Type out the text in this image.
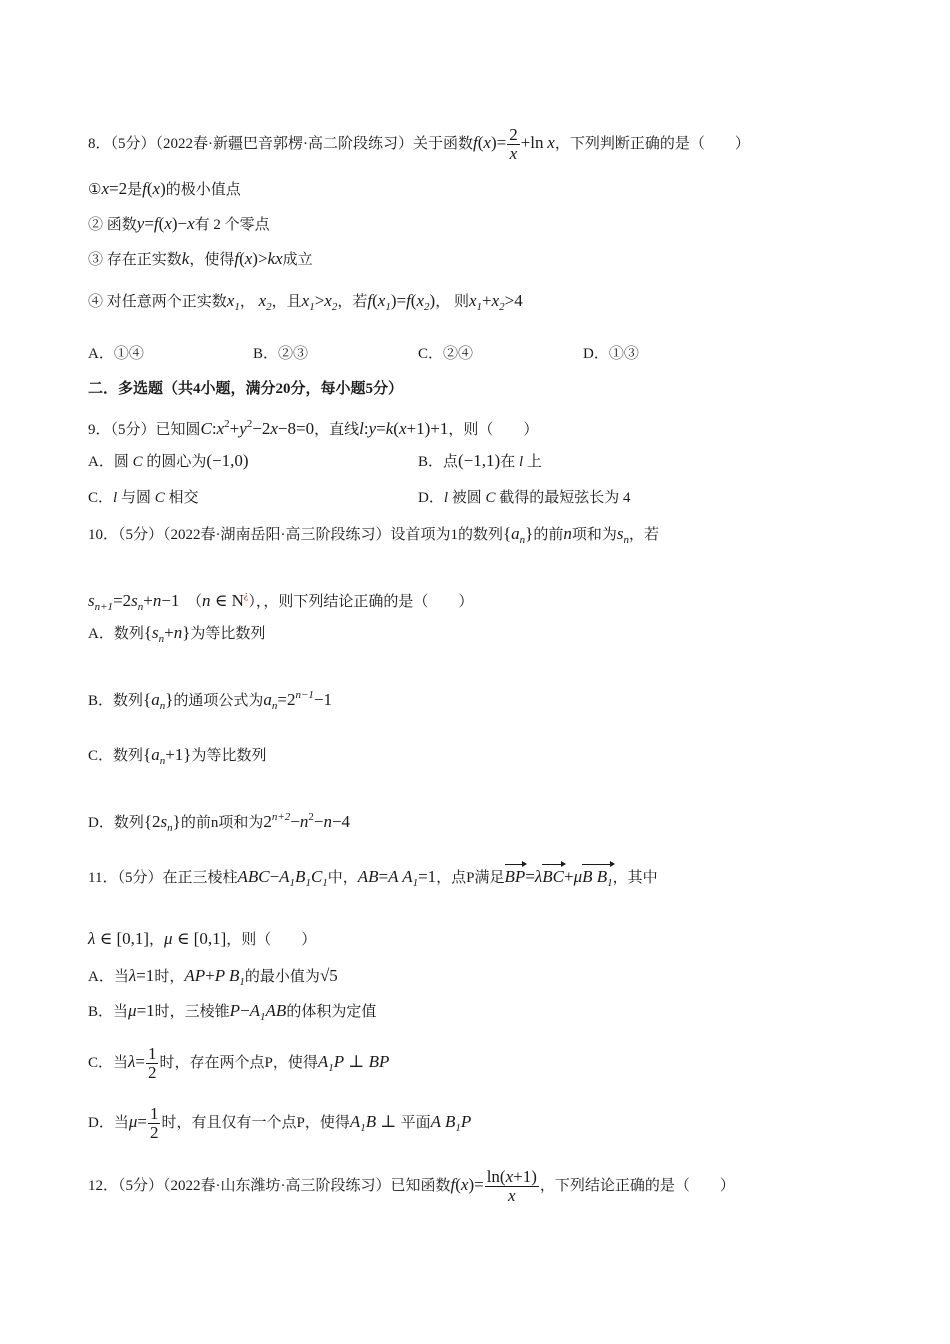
8．（5分）（2022春·新疆巴音郭楞·高二阶段练习）关于函数$f(x)= \frac{2}{x} +\ln$ x，下列判断正确的是（　　）
①x=2是f(x)的极小值点
② 函数y=f(x)−x有 2 个零点
③ 存在正实数k，使得f(x)>kx成立
④ 对任意两个正实数$x_1$， $x_2$，且$x_1>x_2$，若$f(x_1)=f(x_2)$， 则$x_1+x_2>4$
A．①④	B．②③	C．②④	D．①③
二．多选题（共4小题，满分20分，每小题5分）
9．（5分）已知圆$C:x^2+y^2-2x-8=0$，直线l:y=k(x+1)+1，则（　　）
A．圆 C 的圆心为(−1,0)	B．点(−1,1)在 l 上
C．l 与圆 C 相交	D．l 被圆 C 截得的最短弦长为 4
10．（5分）（2022春·湖南岳阳·高三阶段练习）设首项为1的数列$\{a_n\}$的前n项和为$s_n$，若
$s_{n+1}=2s_n+n-1$　（n ∈ N¿），，则下列结论正确的是（　　）
A．数列$\{s_n+n\}$为等比数列
B．数列$\{a_n\}$的通项公式为$a_n=2^{n-1}-1$
C．数列$\{a_n+1\}$为等比数列
D．数列$\{2s_n\}$的前n项和为$2^{n+2}-n^2-n-4$
11．（5分）在正三棱柱$ABC-A_1B_1C_1$中，AB=A $A_1=1$，点P满足BP=λBC+μB $B_1$，其中
λ ∈ [0,1]，μ ∈ [0,1]，则（　　）
A．当λ=1时，AP+P $B_1$的最小值为√5
B．当μ=1时，三棱锥$P-A_1AB$的体积为定值
C．当$\lambda= \frac{1}{2}$ 时，存在两个点P，使得$A_1P$ ⊥ BP
D．当$\mu= \frac{1}{2}$ 时，有且仅有一个点P，使得$A_1B$ ⊥ 平面A $B_1P$
12．（5分）（2022春·山东潍坊·高三阶段练习）已知函数$f(x)= \frac{\ln(x+1)}{x}$ ，下列结论正确的是（　　）
